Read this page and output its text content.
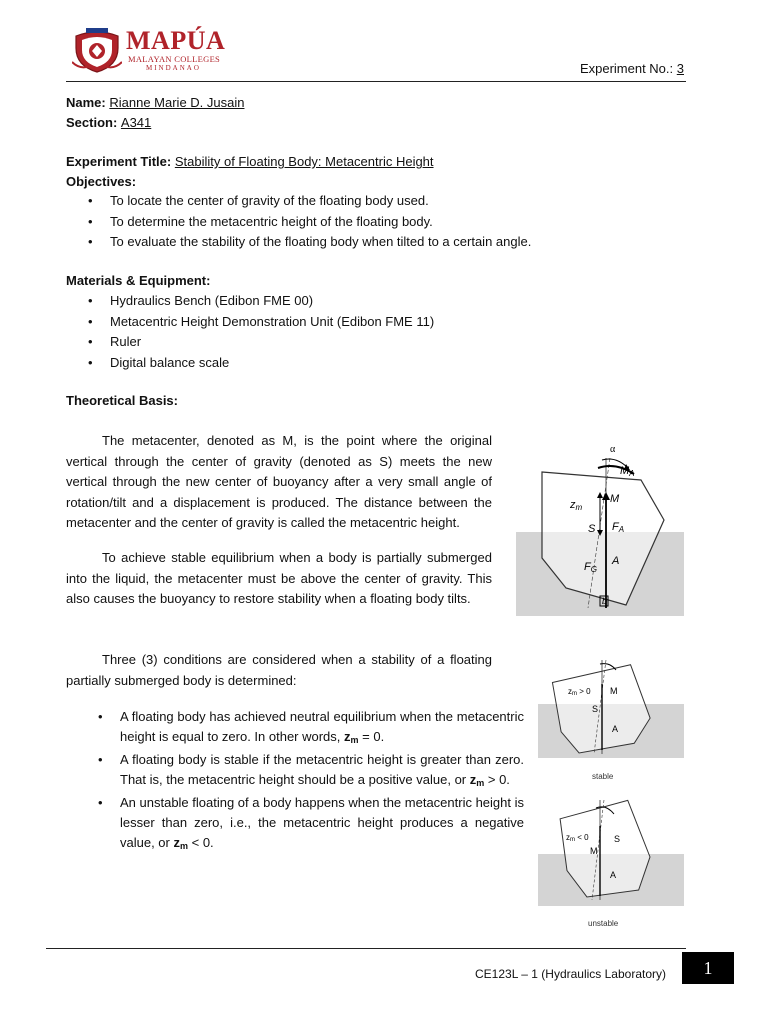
MAPÚA
MALAYAN COLLEGES
MINDANAO	Experiment No.: 3
Name: Rianne Marie D. Jusain
Section: A341
Experiment Title: Stability of Floating Body: Metacentric Height
Objectives:
• To locate the center of gravity of the floating body used.
• To determine the metacentric height of the floating body.
• To evaluate the stability of the floating body when tilted to a certain angle.
Materials & Equipment:
• Hydraulics Bench (Edibon FME 00)
• Metacentric Height Demonstration Unit (Edibon FME 11)
• Ruler
• Digital balance scale
Theoretical Basis:
The metacenter, denoted as M, is the point where the original vertical through the center of gravity (denoted as S) meets the new vertical through the new center of buoyancy after a very small angle of rotation/tilt and a displacement is produced. The distance between the metacenter and the center of gravity is called the metacentric height.
To achieve stable equilibrium when a body is partially submerged into the liquid, the metacenter must be above the center of gravity. This also causes the buoyancy to restore stability when a floating body tilts.
Three (3) conditions are considered when a stability of a floating partially submerged body is determined:
• A floating body has achieved neutral equilibrium when the metacentric height is equal to zero. In other words, $z_m = 0$.
• A floating body is stable if the metacentric height is greater than zero. That is, the metacentric height should be a positive value, or $z_m > 0$.
• An unstable floating of a body happens when the metacentric height is lesser than zero, i.e., the metacentric height produces a negative value, or $z_m < 0$.
α
MA
zm
M
S FA
A
FG
b
zm > 0 M
S
A
stable
zm < 0	S
M
A
unstable
CE123L – 1 (Hydraulics Laboratory)	1
